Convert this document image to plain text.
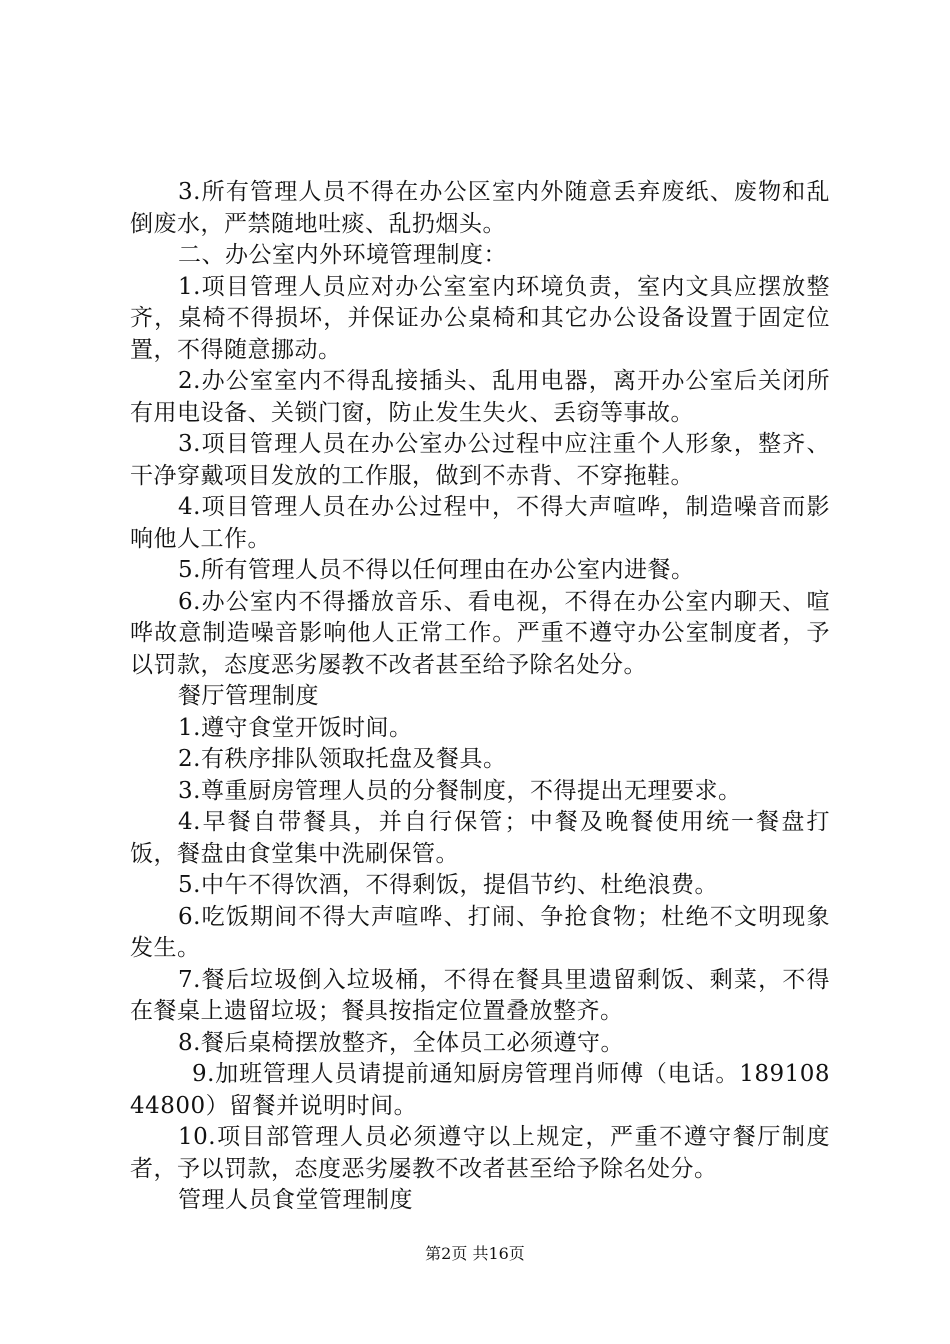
3.所有管理人员不得在办公区室内外随意丢弃废纸、废物和乱倒废水，严禁随地吐痰、乱扔烟头。

二、办公室内外环境管理制度：

1.项目管理人员应对办公室室内环境负责，室内文具应摆放整齐，桌椅不得损坏，并保证办公桌椅和其它办公设备设置于固定位置，不得随意挪动。

2.办公室室内不得乱接插头、乱用电器，离开办公室后关闭所有用电设备、关锁门窗，防止发生失火、丢窃等事故。

3.项目管理人员在办公室办公过程中应注重个人形象，整齐、干净穿戴项目发放的工作服，做到不赤背、不穿拖鞋。

4.项目管理人员在办公过程中，不得大声喧哗，制造噪音而影响他人工作。

5.所有管理人员不得以任何理由在办公室内进餐。

6.办公室内不得播放音乐、看电视，不得在办公室内聊天、喧哗故意制造噪音影响他人正常工作。严重不遵守办公室制度者，予以罚款，态度恶劣屡教不改者甚至给予除名处分。

餐厅管理制度

1.遵守食堂开饭时间。

2.有秩序排队领取托盘及餐具。

3.尊重厨房管理人员的分餐制度，不得提出无理要求。

4.早餐自带餐具，并自行保管；中餐及晚餐使用统一餐盘打饭，餐盘由食堂集中洗刷保管。

5.中午不得饮酒，不得剩饭，提倡节约、杜绝浪费。

6.吃饭期间不得大声喧哗、打闹、争抢食物；杜绝不文明现象发生。

7.餐后垃圾倒入垃圾桶，不得在餐具里遗留剩饭、剩菜，不得在餐桌上遗留垃圾；餐具按指定位置叠放整齐。

8.餐后桌椅摆放整齐，全体员工必须遵守。

9.加班管理人员请提前通知厨房管理肖师傅（电话。18910844800）留餐并说明时间。

10.项目部管理人员必须遵守以上规定，严重不遵守餐厅制度者，予以罚款，态度恶劣屡教不改者甚至给予除名处分。

管理人员食堂管理制度

第2页 共16页
